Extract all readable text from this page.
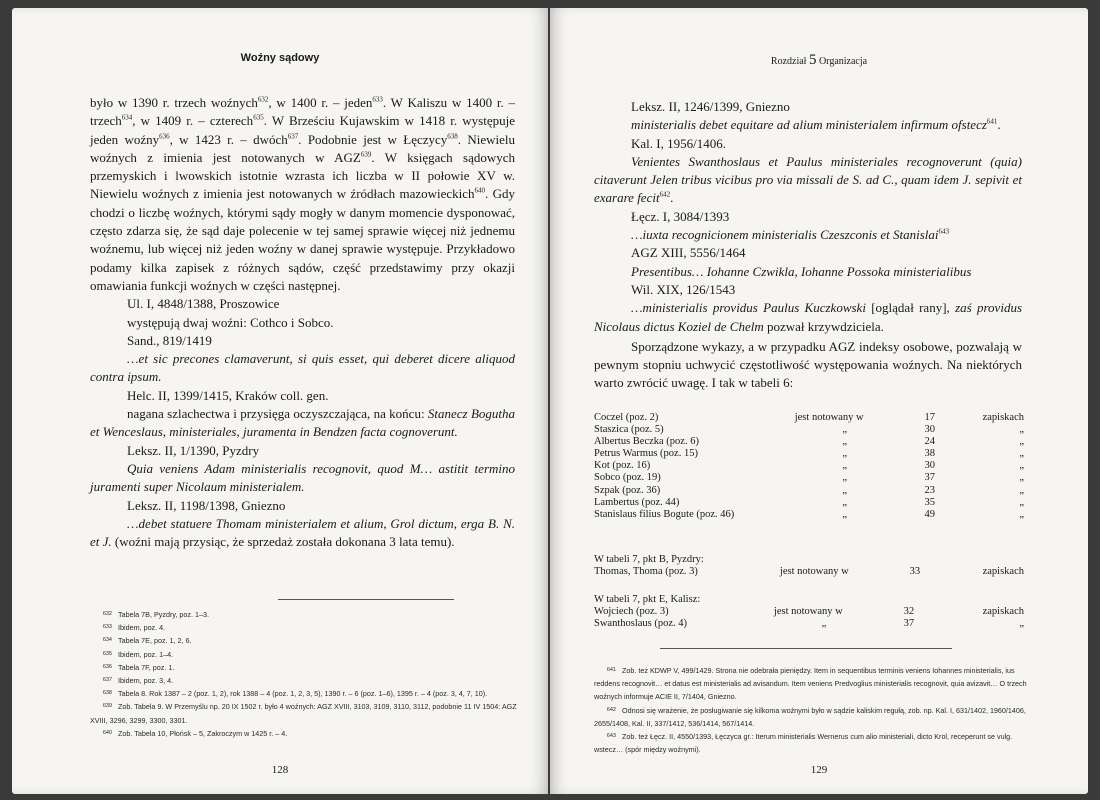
Woźny sądowy

było w 1390 r. trzech woźnych$^{632}$, w 1400 r. – jeden$^{633}$. W Kaliszu w 1400 r. – trzech$^{634}$, w 1409 r. – czterech$^{635}$. W Brześciu Kujawskim w 1418 r. występuje jeden woźny$^{636}$, w 1423 r. – dwóch$^{637}$. Podobnie jest w Łęczycy$^{638}$. Niewielu woźnych z imienia jest notowanych w AGZ$^{639}$. W księgach sądowych przemyskich i lwowskich istotnie wzrasta ich liczba w II połowie XV w. Niewielu woźnych z imienia jest notowanych w źródłach mazowieckich$^{640}$. Gdy chodzi o liczbę woźnych, którymi sądy mogły w danym momencie dysponować, często zdarza się, że sąd daje polecenie w tej samej sprawie więcej niż jednemu woźnemu, lub więcej niż jeden woźny w danej sprawie występuje. Przykładowo podamy kilka zapisek z różnych sądów, część przedstawimy przy okazji omawiania funkcji woźnych w części następnej.

Ul. I, 4848/1388, Proszowice

występują dwaj woźni: Cothco i Sobco.

Sand., 819/1419

…et sic precones clamaverunt, si quis esset, qui deberet dicere aliquod contra ipsum.

Helc. II, 1399/1415, Kraków coll. gen.

nagana szlachectwa i przysięga oczyszczająca, na końcu: Stanecz Bogutha et Wenceslaus, ministeriales, juramenta in Bendzen facta cognoverunt.

Leksz. II, 1/1390, Pyzdry

Quia veniens Adam ministerialis recognovit, quod M… astitit termino juramenti super Nicolaum ministerialem.

Leksz. II, 1198/1398, Gniezno

…debet statuere Thomam ministerialem et alium, Grol dictum, erga B. N. et J. (woźni mają przysiąc, że sprzedaż została dokonana 3 lata temu).

632 Tabela 7B, Pyzdry, poz. 1–3.

633 Ibidem, poz. 4.

634 Tabela 7E, poz. 1, 2, 6.

635 Ibidem, poz. 1–4.

636 Tabela 7F, poz. 1.

637 Ibidem, poz. 3, 4.

638 Tabela 8. Rok 1387 – 2 (poz. 1, 2), rok 1388 – 4 (poz. 1, 2, 3, 5), 1390 r. – 6 (poz. 1–6), 1395 r. – 4 (poz. 3, 4, 7, 10).

639 Zob. Tabela 9. W Przemyślu np. 20 IX 1502 r. było 4 woźnych: AGZ XVIII, 3103, 3109, 3110, 3112, podobnie 11 IV 1504: AGZ XVIII, 3296, 3299, 3300, 3301.

640 Zob. Tabela 10, Płońsk – 5, Zakroczym w 1425 r. – 4.

128
Rozdział 5 Organizacja

Leksz. II, 1246/1399, Gniezno

ministerialis debet equitare ad alium ministerialem infirmum ofstecz$^{641}$.

Kal. I, 1956/1406.

Venientes Swanthoslaus et Paulus ministeriales recognoverunt (quia) citaverunt Jelen tribus vicibus pro via missali de S. ad C., quam idem J. sepivit et exarare fecit$^{642}$.

Łęcz. I, 3084/1393

…iuxta recognicionem ministerialis Czeszconis et Stanislai$^{643}$

AGZ XIII, 5556/1464

Presentibus… Iohanne Czwikla, Iohanne Possoka ministerialibus

Wil. XIX, 126/1543

…ministerialis providus Paulus Kuczkowski [oglądał rany], zaś providus Nicolaus dictus Koziel de Chelm pozwał krzywdziciela.

Sporządzone wykazy, a w przypadku AGZ indeksy osobowe, pozwalają w pewnym stopniu uchwycić częstotliwość występowania woźnych. Na niektórych warto zwrócić uwagę. I tak w tabeli 6:

Coczel (poz. 2)	jest notowany w	17	zapiskach
Staszica (poz. 5)	„	30	„
Albertus Beczka (poz. 6)	„	24	„
Petrus Warmus (poz. 15)	„	38	„
Kot (poz. 16)	„	30	„
Sobco (poz. 19)	„	37	„
Szpak (poz. 36)	„	23	„
Lambertus (poz. 44)	„	35	„
Stanislaus filius Bogute (poz. 46)	„	49	„
W tabeli 7, pkt B, Pyzdry:
Thomas, Thoma (poz. 3)	jest notowany w	33	zapiskach
W tabeli 7, pkt E, Kalisz:			
Wojciech (poz. 3)	jest notowany w	32	zapiskach
Swanthoslaus (poz. 4)	„	37	„

641 Zob. też KDWP V, 499/1429. Strona nie odebrała pieniędzy. Item in sequentibus terminis veniens Iohannes ministerialis, ius reddens recognovit… et datus est ministerialis ad avisandum. Item veniens Predvoglius ministerialis recognovit, quia avizavit… O trzech woźnych informuje ACIE II, 7/1404, Gniezno.

642 Odnosi się wrażenie, że posługiwanie się kilkoma woźnymi było w sądzie kaliskim regułą, zob. np. Kal. I, 631/1402, 1960/1406, 2655/1408, Kal. II, 337/1412, 536/1414, 567/1414.

643 Zob. też Łęcz. II, 4550/1393, Łęczyca gr.: Iterum ministerialis Wernerus cum alio ministeriali, dicto Krol, receperunt se vulg. wstecz… (spór między woźnymi).

129
